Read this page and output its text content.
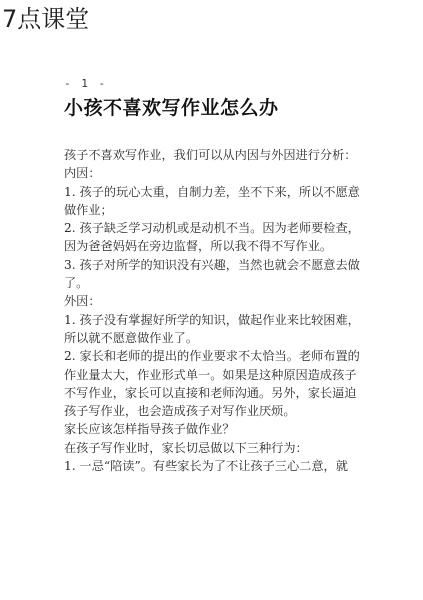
7点课堂
- 1 -
小孩不喜欢写作业怎么办
孩子不喜欢写作业，我们可以从内因与外因进行分析：
内因：
1. 孩子的玩心太重，自制力差，坐不下来，所以不愿意
做作业；
2. 孩子缺乏学习动机或是动机不当。因为老师要检查，
因为爸爸妈妈在旁边监督，所以我不得不写作业。
3. 孩子对所学的知识没有兴趣，当然也就会不愿意去做
了。
外因：
1. 孩子没有掌握好所学的知识，做起作业来比较困难，
所以就不愿意做作业了。
2. 家长和老师的提出的作业要求不太恰当。老师布置的
作业量太大，作业形式单一。如果是这种原因造成孩子
不写作业，家长可以直接和老师沟通。另外，家长逼迫
孩子写作业，也会造成孩子对写作业厌烦。
家长应该怎样指导孩子做作业？
在孩子写作业时，家长切忌做以下三种行为：
1. 一忌“陪读”。有些家长为了不让孩子三心二意，就
